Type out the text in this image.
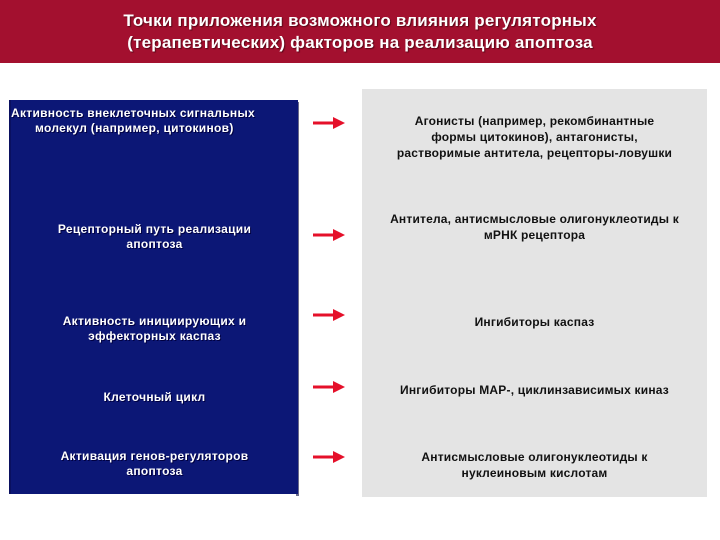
Точки приложения возможного влияния регуляторных
(терапевтических) факторов на реализацию апоптоза
Активность внеклеточных сигнальных
молекул (например, цитокинов)
Рецепторный путь реализации
апоптоза
Активность инициирующих и
эффекторных каспаз
Клеточный цикл
Активация генов-регуляторов
апоптоза
Агонисты (например, рекомбинантные
формы цитокинов), антагонисты,
растворимые антитела, рецепторы-ловушки
Антитела, антисмысловые олигонуклеотиды к
мРНК рецептора
Ингибиторы каспаз
Ингибиторы MAP-, циклинзависимых киназ
Антисмысловые олигонуклеотиды к
нуклеиновым кислотам
